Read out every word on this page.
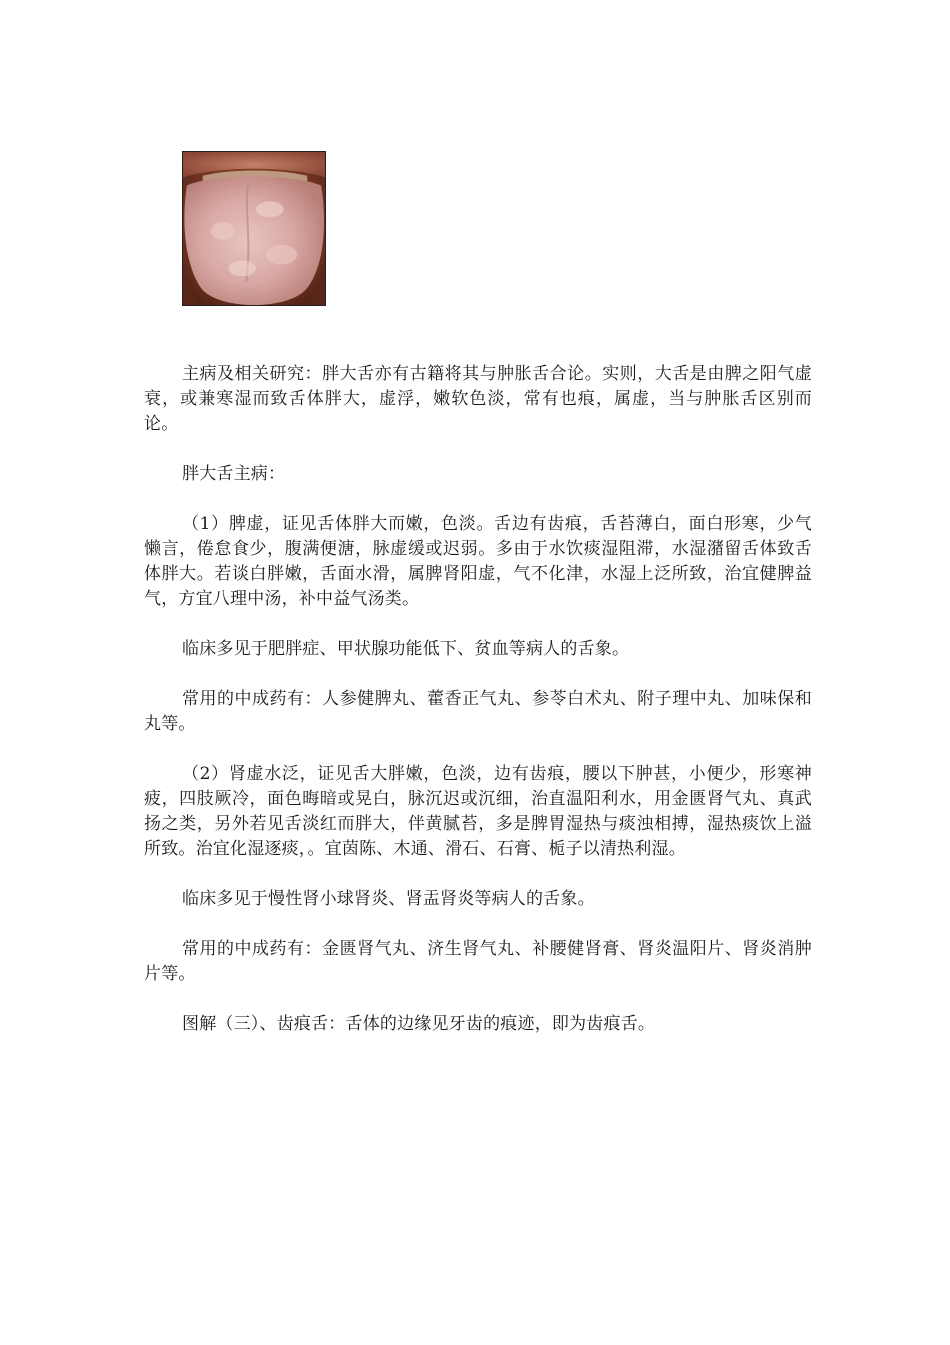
主病及相关研究：胖大舌亦有古籍将其与肿胀舌合论。实则，大舌是由脾之阳气虚衰，或兼寒湿而致舌体胖大，虚浮，嫩软色淡，常有也痕，属虚，当与肿胀舌区别而论。

胖大舌主病：

（1）脾虚，证见舌体胖大而嫩，色淡。舌边有齿痕，舌苔薄白，面白形寒，少气懒言，倦怠食少，腹满便溏，脉虚缓或迟弱。多由于水饮痰湿阻滞，水湿潴留舌体致舌体胖大。若谈白胖嫩，舌面水滑，属脾肾阳虚，气不化津，水湿上泛所致，治宜健脾益气，方宜八理中汤，补中益气汤类。

临床多见于肥胖症、甲状腺功能低下、贫血等病人的舌象。

常用的中成药有：人参健脾丸、藿香正气丸、参苓白术丸、附子理中丸、加味保和丸等。

（2）肾虚水泛，证见舌大胖嫩，色淡，边有齿痕，腰以下肿甚，小便少，形寒神疲，四肢厥冷，面色晦暗或晃白，脉沉迟或沉细，治直温阳利水，用金匮肾气丸、真武扬之类，另外若见舌淡红而胖大，伴黄腻苔，多是脾胃湿热与痰浊相搏，湿热痰饮上溢所致。治宜化湿逐痰，。宜茵陈、木通、滑石、石膏、栀子以清热利湿。

临床多见于慢性肾小球肾炎、肾盂肾炎等病人的舌象。

常用的中成药有：金匮肾气丸、济生肾气丸、补腰健肾膏、肾炎温阳片、肾炎消肿片等。

图解（三）、齿痕舌：舌体的边缘见牙齿的痕迹，即为齿痕舌。
